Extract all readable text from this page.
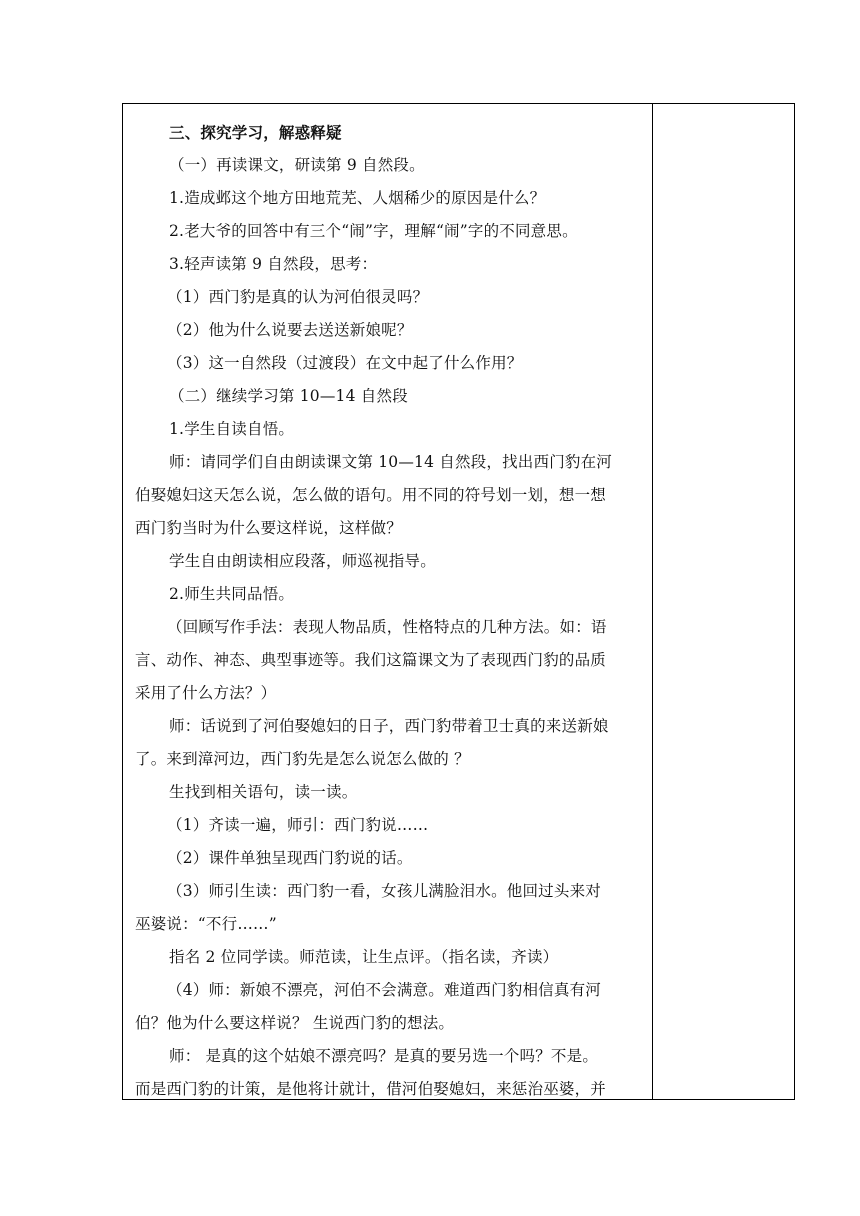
三、探究学习，解惑释疑
（一）再读课文，研读第 9 自然段。
1.造成邺这个地方田地荒芜、人烟稀少的原因是什么？
2.老大爷的回答中有三个“闹”字，理解“闹”字的不同意思。
3.轻声读第 9 自然段，思考：
（1）西门豹是真的认为河伯很灵吗？
（2）他为什么说要去送送新娘呢？
（3）这一自然段（过渡段）在文中起了什么作用？
（二）继续学习第 10—14 自然段
1.学生自读自悟。
师：请同学们自由朗读课文第 10—14 自然段，找出西门豹在河
伯娶媳妇这天怎么说，怎么做的语句。用不同的符号划一划，想一想
西门豹当时为什么要这样说，这样做？
学生自由朗读相应段落，师巡视指导。
2.师生共同品悟。
（回顾写作手法：表现人物品质，性格特点的几种方法。如：语
言、动作、神态、典型事迹等。我们这篇课文为了表现西门豹的品质
采用了什么方法？）
师：话说到了河伯娶媳妇的日子，西门豹带着卫士真的来送新娘
了。来到漳河边，西门豹先是怎么说怎么做的 ？
生找到相关语句，读一读。
（1）齐读一遍，师引：西门豹说……
（2）课件单独呈现西门豹说的话。
（3）师引生读：西门豹一看，女孩儿满脸泪水。他回过头来对
巫婆说：“不行……”
指名 2 位同学读。师范读，让生点评。（指名读，齐读）
（4）师：新娘不漂亮，河伯不会满意。难道西门豹相信真有河
伯？他为什么要这样说？ 生说西门豹的想法。
师： 是真的这个姑娘不漂亮吗？是真的要另选一个吗？不是。
而是西门豹的计策，是他将计就计，借河伯娶媳妇，来惩治巫婆，并
